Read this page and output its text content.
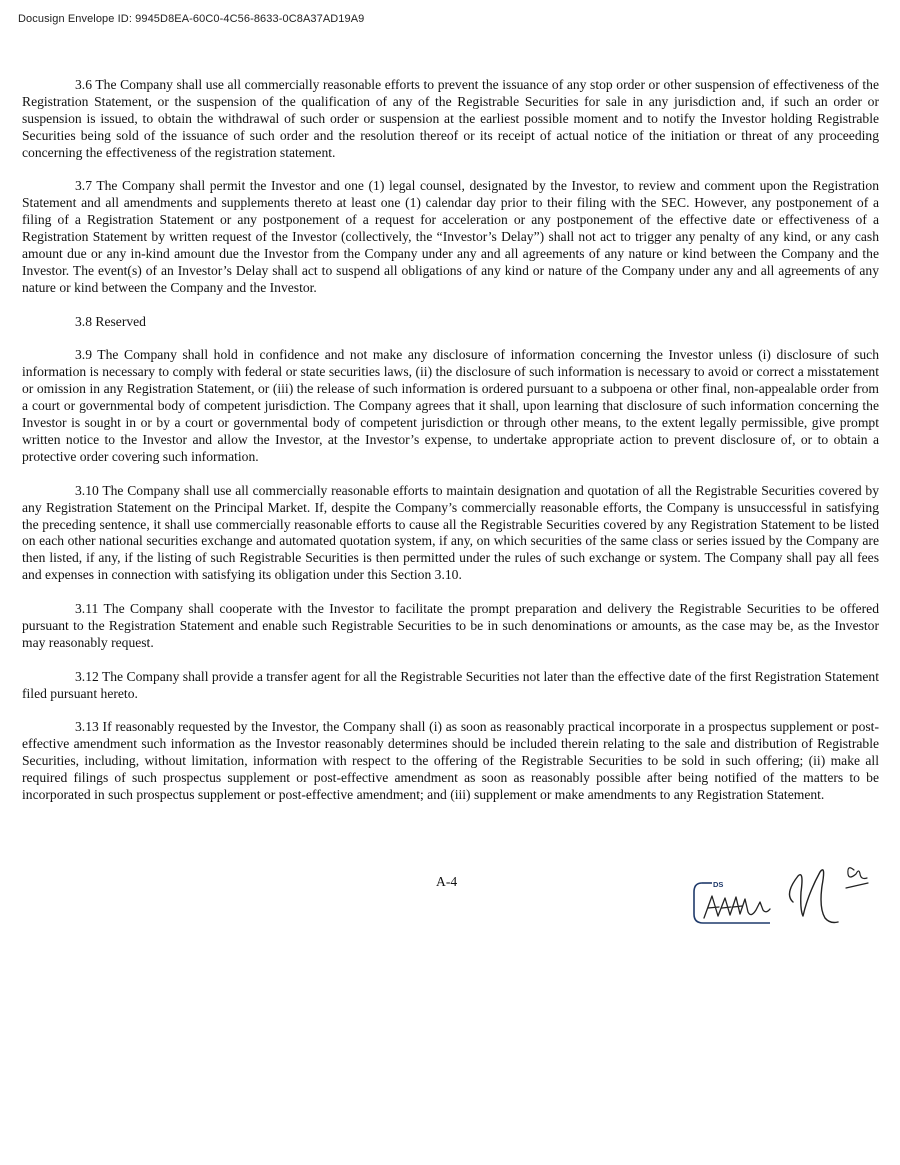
Docusign Envelope ID: 9945D8EA-60C0-4C56-8633-0C8A37AD19A9

3.6 The Company shall use all commercially reasonable efforts to prevent the issuance of any stop order or other suspension of effectiveness of the Registration Statement, or the suspension of the qualification of any of the Registrable Securities for sale in any jurisdiction and, if such an order or suspension is issued, to obtain the withdrawal of such order or suspension at the earliest possible moment and to notify the Investor holding Registrable Securities being sold of the issuance of such order and the resolution thereof or its receipt of actual notice of the initiation or threat of any proceeding concerning the effectiveness of the registration statement.

3.7 The Company shall permit the Investor and one (1) legal counsel, designated by the Investor, to review and comment upon the Registration Statement and all amendments and supplements thereto at least one (1) calendar day prior to their filing with the SEC. However, any postponement of a filing of a Registration Statement or any postponement of a request for acceleration or any postponement of the effective date or effectiveness of a Registration Statement by written request of the Investor (collectively, the “Investor’s Delay”) shall not act to trigger any penalty of any kind, or any cash amount due or any in-kind amount due the Investor from the Company under any and all agreements of any nature or kind between the Company and the Investor. The event(s) of an Investor’s Delay shall act to suspend all obligations of any kind or nature of the Company under any and all agreements of any nature or kind between the Company and the Investor.

3.8 Reserved

3.9 The Company shall hold in confidence and not make any disclosure of information concerning the Investor unless (i) disclosure of such information is necessary to comply with federal or state securities laws, (ii) the disclosure of such information is necessary to avoid or correct a misstatement or omission in any Registration Statement, or (iii) the release of such information is ordered pursuant to a subpoena or other final, non-appealable order from a court or governmental body of competent jurisdiction. The Company agrees that it shall, upon learning that disclosure of such information concerning the Investor is sought in or by a court or governmental body of competent jurisdiction or through other means, to the extent legally permissible, give prompt written notice to the Investor and allow the Investor, at the Investor’s expense, to undertake appropriate action to prevent disclosure of, or to obtain a protective order covering such information.

3.10 The Company shall use all commercially reasonable efforts to maintain designation and quotation of all the Registrable Securities covered by any Registration Statement on the Principal Market. If, despite the Company’s commercially reasonable efforts, the Company is unsuccessful in satisfying the preceding sentence, it shall use commercially reasonable efforts to cause all the Registrable Securities covered by any Registration Statement to be listed on each other national securities exchange and automated quotation system, if any, on which securities of the same class or series issued by the Company are then listed, if any, if the listing of such Registrable Securities is then permitted under the rules of such exchange or system. The Company shall pay all fees and expenses in connection with satisfying its obligation under this Section 3.10.

3.11 The Company shall cooperate with the Investor to facilitate the prompt preparation and delivery the Registrable Securities to be offered pursuant to the Registration Statement and enable such Registrable Securities to be in such denominations or amounts, as the case may be, as the Investor may reasonably request.

3.12 The Company shall provide a transfer agent for all the Registrable Securities not later than the effective date of the first Registration Statement filed pursuant hereto.

3.13 If reasonably requested by the Investor, the Company shall (i) as soon as reasonably practical incorporate in a prospectus supplement or post-effective amendment such information as the Investor reasonably determines should be included therein relating to the sale and distribution of Registrable Securities, including, without limitation, information with respect to the offering of the Registrable Securities to be sold in such offering; (ii) make all required filings of such prospectus supplement or post-effective amendment as soon as reasonably possible after being notified of the matters to be incorporated in such prospectus supplement or post-effective amendment; and (iii) supplement or make amendments to any Registration Statement.

A-4	DS
